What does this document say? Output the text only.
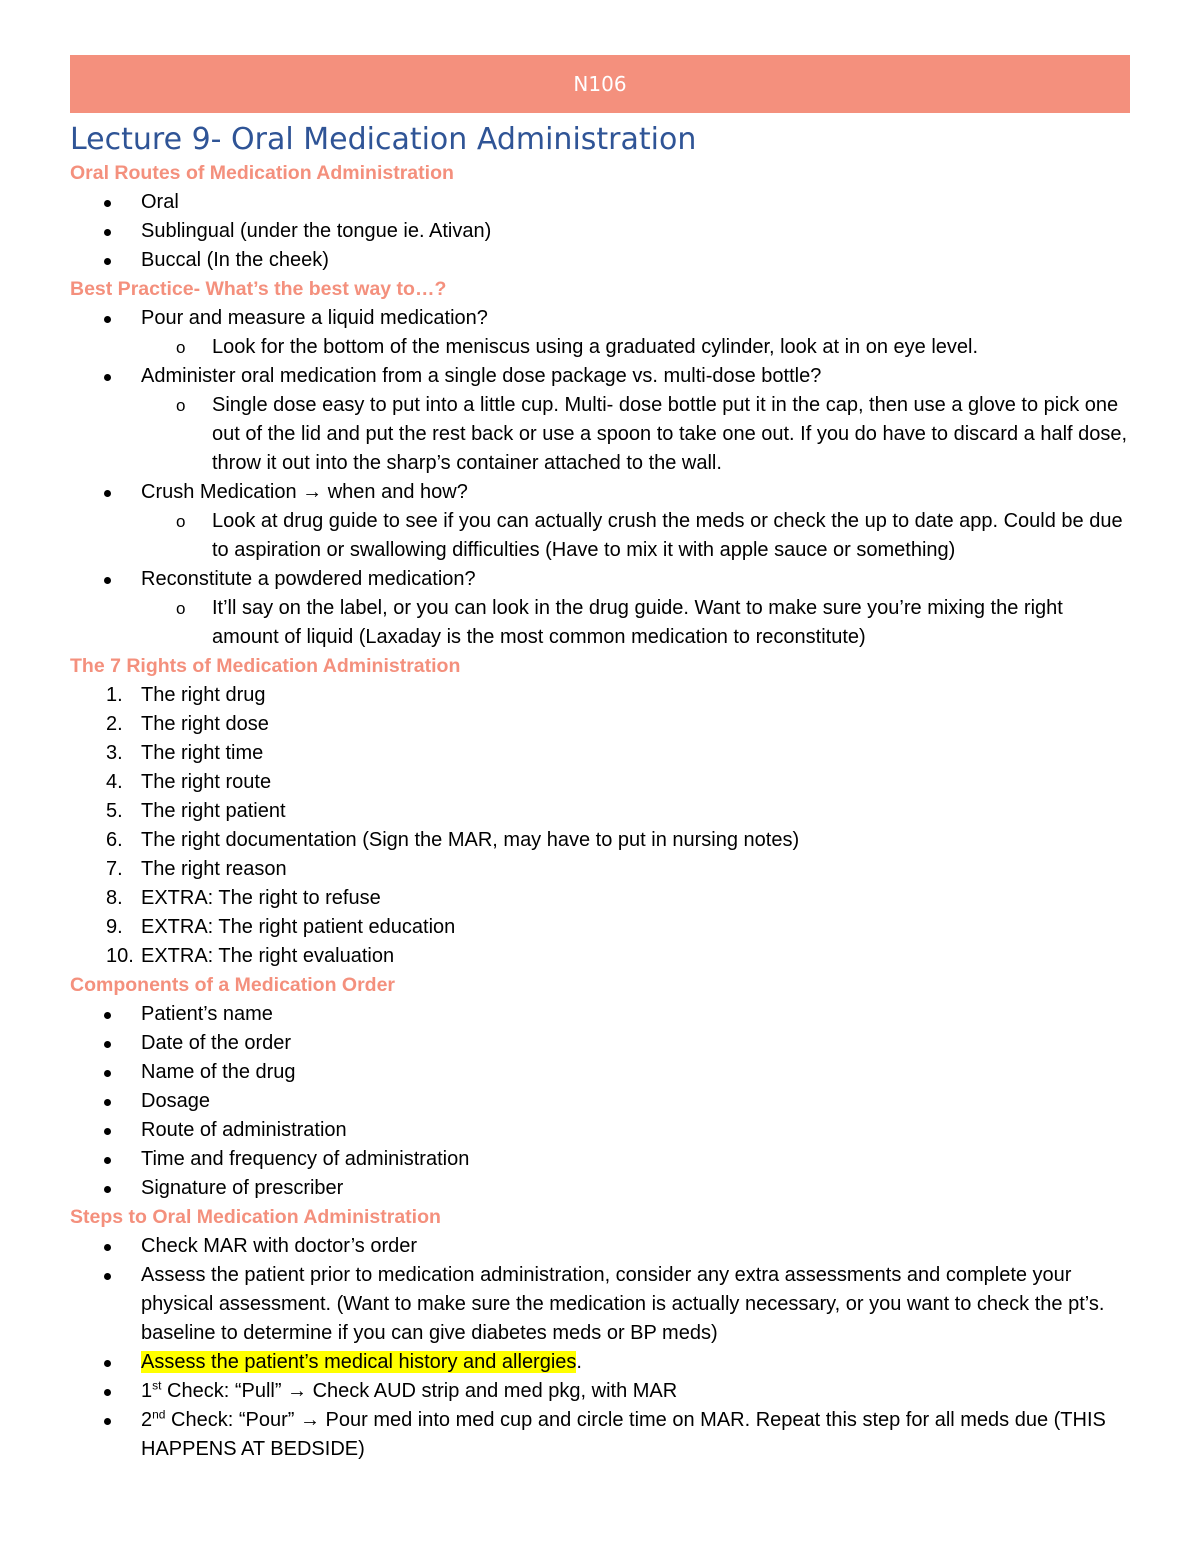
N106
Lecture 9- Oral Medication Administration
Oral Routes of Medication Administration
Oral
Sublingual (under the tongue ie. Ativan)
Buccal (In the cheek)
Best Practice- What’s the best way to…?
Pour and measure a liquid medication?
o Look for the bottom of the meniscus using a graduated cylinder, look at in on eye level.
Administer oral medication from a single dose package vs. multi-dose bottle?
o Single dose easy to put into a little cup. Multi- dose bottle put it in the cap, then use a glove to pick one out of the lid and put the rest back or use a spoon to take one out. If you do have to discard a half dose, throw it out into the sharp’s container attached to the wall.
Crush Medication → when and how?
o Look at drug guide to see if you can actually crush the meds or check the up to date app. Could be due to aspiration or swallowing difficulties (Have to mix it with apple sauce or something)
Reconstitute a powdered medication?
o It’ll say on the label, or you can look in the drug guide. Want to make sure you’re mixing the right amount of liquid (Laxaday is the most common medication to reconstitute)
The 7 Rights of Medication Administration
1. The right drug
2. The right dose
3. The right time
4. The right route
5. The right patient
6. The right documentation (Sign the MAR, may have to put in nursing notes)
7. The right reason
8. EXTRA: The right to refuse
9. EXTRA: The right patient education
10. EXTRA: The right evaluation
Components of a Medication Order
Patient’s name
Date of the order
Name of the drug
Dosage
Route of administration
Time and frequency of administration
Signature of prescriber
Steps to Oral Medication Administration
Check MAR with doctor’s order
Assess the patient prior to medication administration, consider any extra assessments and complete your physical assessment. (Want to make sure the medication is actually necessary, or you want to check the pt’s. baseline to determine if you can give diabetes meds or BP meds)
Assess the patient’s medical history and allergies.
1st Check: “Pull” → Check AUD strip and med pkg, with MAR
2nd Check: “Pour” → Pour med into med cup and circle time on MAR. Repeat this step for all meds due (THIS HAPPENS AT BEDSIDE)
